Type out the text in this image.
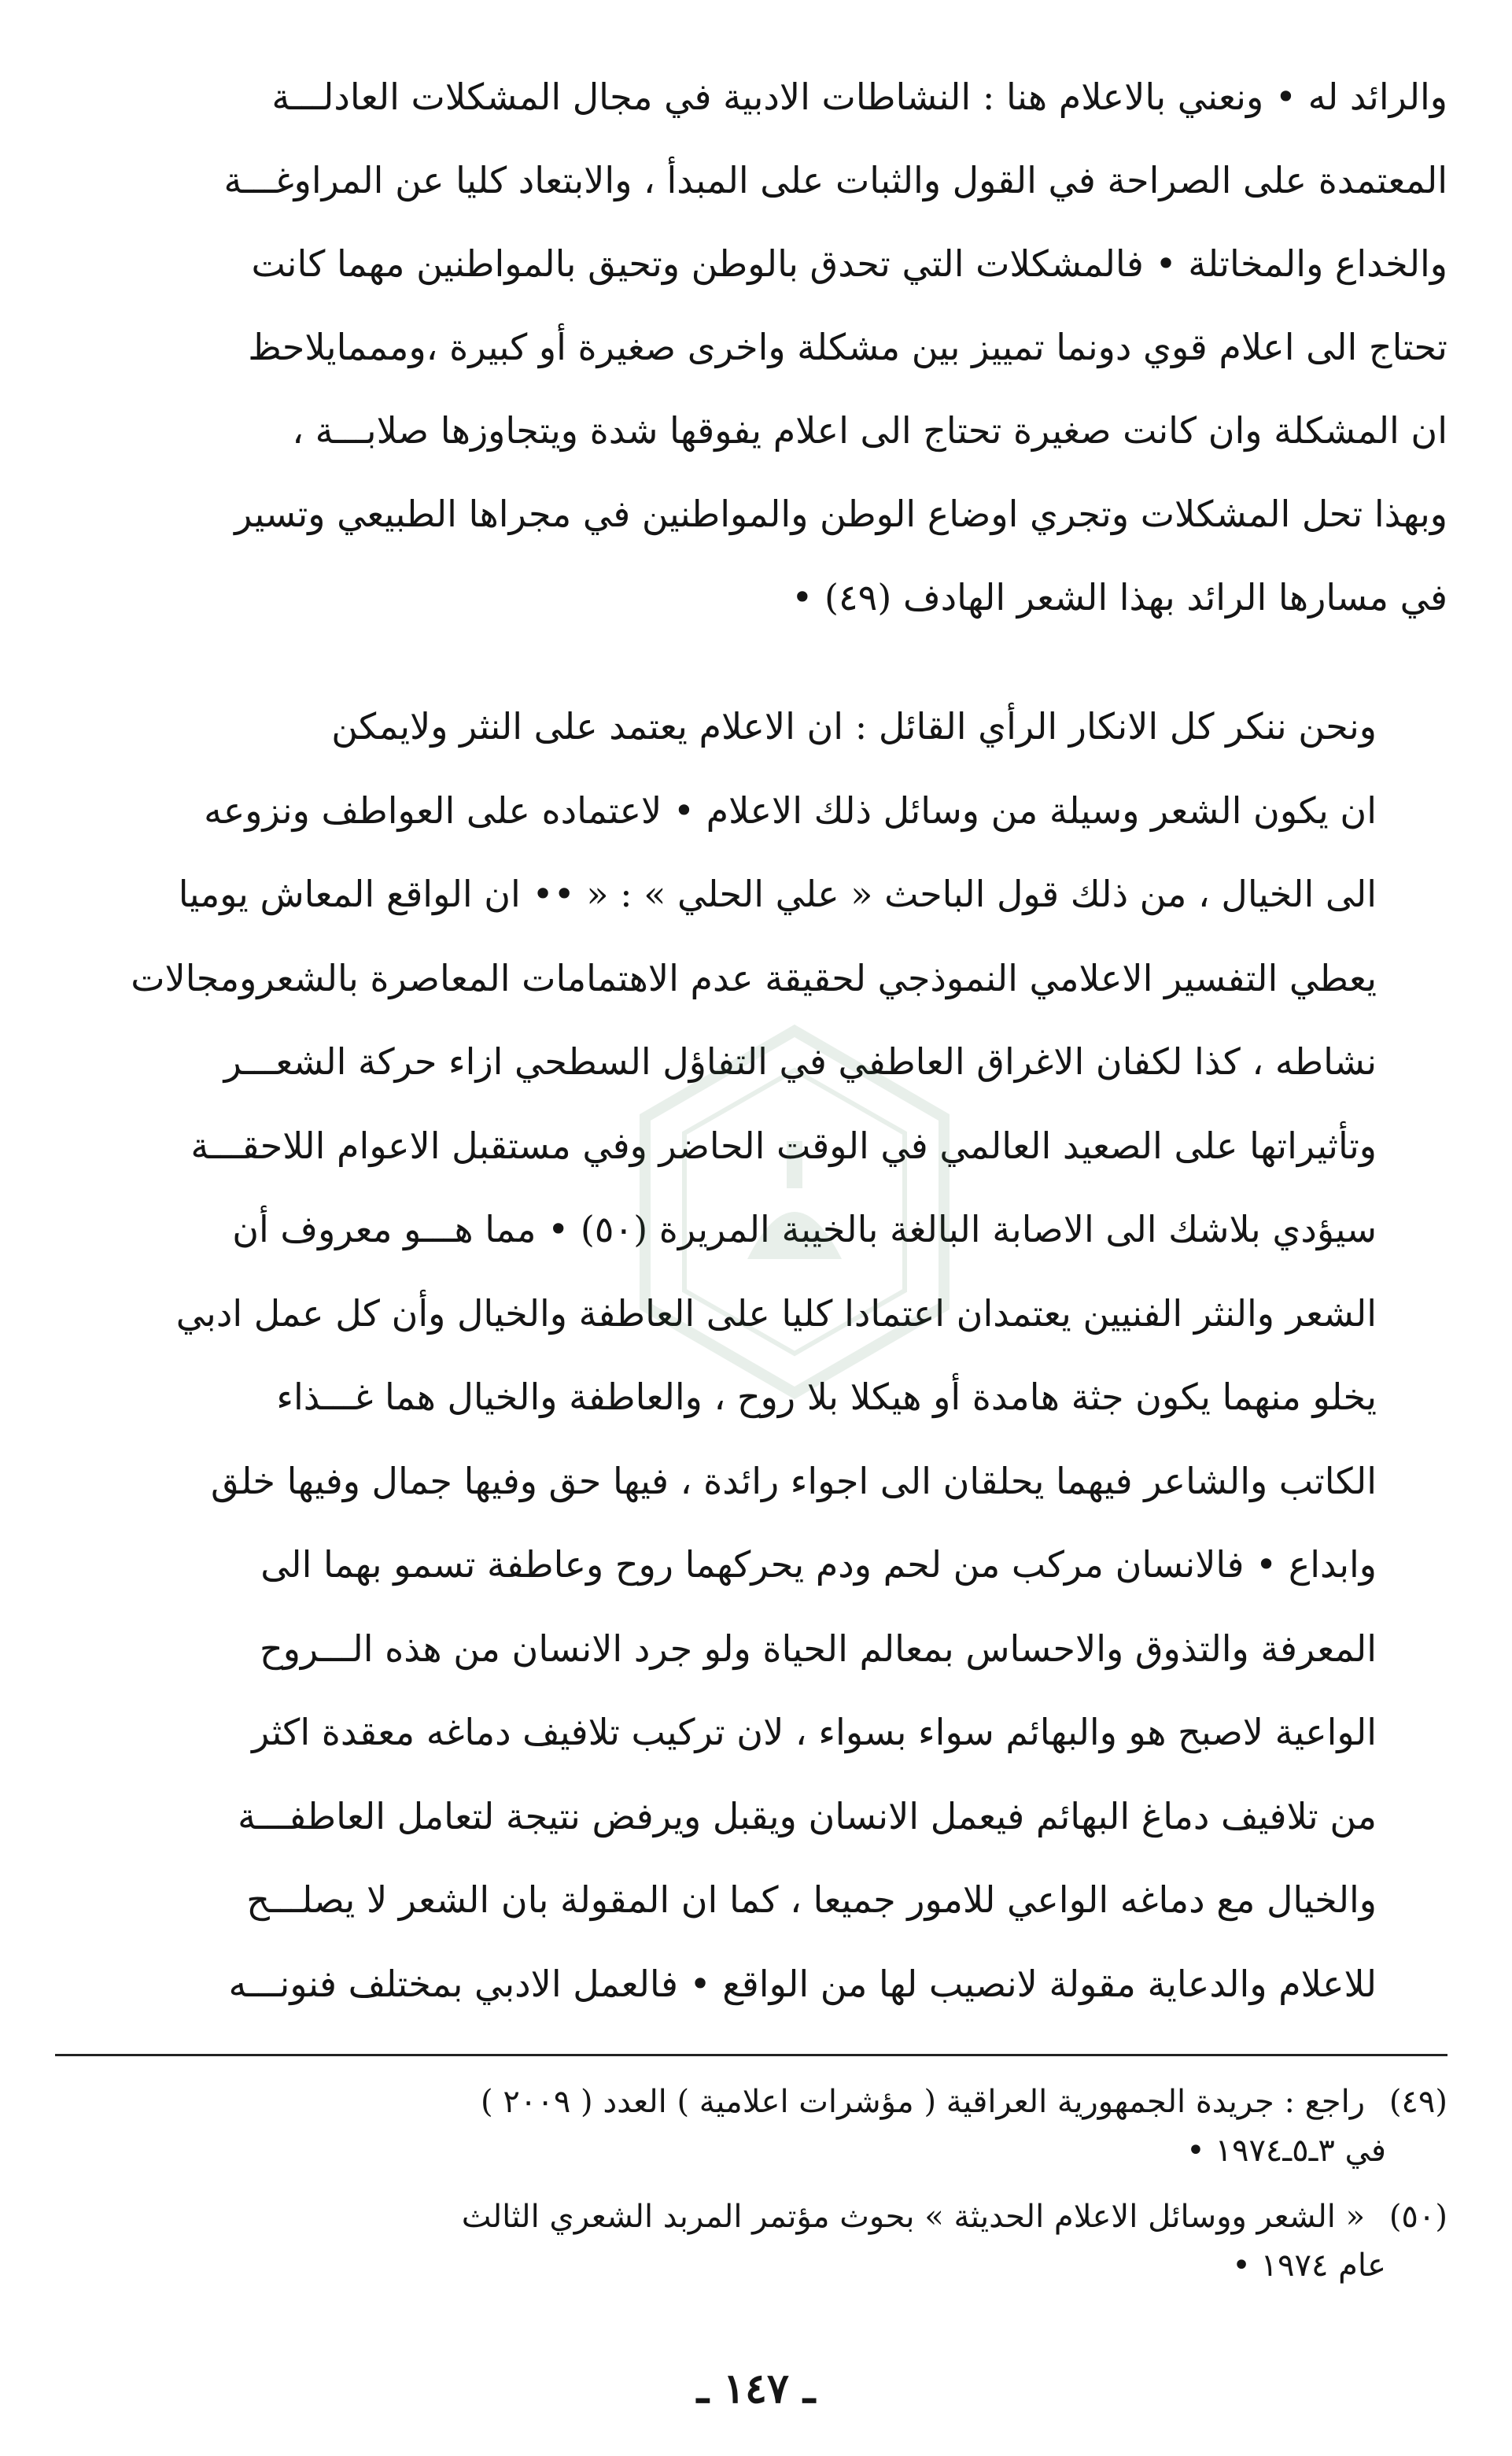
والرائد له • ونعني بالاعلام هنا : النشاطات الادبية في مجال المشكلات العادلـــة
المعتمدة على الصراحة في القول والثبات على المبدأ ، والابتعاد كليا عن المراوغـــة
والخداع والمخاتلة • فالمشكلات التي تحدق بالوطن وتحيق بالمواطنين مهما كانت
تحتاج الى اعلام قوي دونما تمييز بين مشكلة واخرى صغيرة أو كبيرة ،ومممايلاحظ
ان المشكلة وان كانت صغيرة تحتاج الى اعلام يفوقها شدة ويتجاوزها صلابـــة ،
وبهذا تحل المشكلات وتجري اوضاع الوطن والمواطنين في مجراها الطبيعي وتسير
في مسارها الرائد بهذا الشعر الهادف (٤٩) •
ونحن ننكر كل الانكار الرأي القائل : ان الاعلام يعتمد على النثر ولايمكن
ان يكون الشعر وسيلة من وسائل ذلك الاعلام • لاعتماده على العواطف ونزوعه
الى الخيال ، من ذلك قول الباحث « علي الحلي » : « •• ان الواقع المعاش يوميا
يعطي التفسير الاعلامي النموذجي لحقيقة عدم الاهتمامات المعاصرة بالشعرومجالات
نشاطه ، كذا لكفان الاغراق العاطفي في التفاؤل السطحي ازاء حركة الشعـــر
وتأثيراتها على الصعيد العالمي في الوقت الحاضر وفي مستقبل الاعوام اللاحقـــة
سيؤدي بلاشك الى الاصابة البالغة بالخيبة المريرة (٥٠) • مما هـــو معروف أن
الشعر والنثر الفنيين يعتمدان اعتمادا كليا على العاطفة والخيال وأن كل عمل ادبي
يخلو منهما يكون جثة هامدة أو هيكلا بلا روح ، والعاطفة والخيال هما غـــذاء
الكاتب والشاعر فيهما يحلقان الى اجواء رائدة ، فيها حق وفيها جمال وفيها خلق
وابداع • فالانسان مركب من لحم ودم يحركهما روح وعاطفة تسمو بهما الى
المعرفة والتذوق والاحساس بمعالم الحياة ولو جرد الانسان من هذه الـــروح
الواعية لاصبح هو والبهائم سواء بسواء ، لان تركيب تلافيف دماغه معقدة اكثر
من تلافيف دماغ البهائم فيعمل الانسان ويقبل ويرفض نتيجة لتعامل العاطفـــة
والخيال مع دماغه الواعي للامور جميعا ، كما ان المقولة بان الشعر لا يصلـــح
للاعلام والدعاية مقولة لانصيب لها من الواقع • فالعمل الادبي بمختلف فنونـــه
(٤٩) راجع : جريدة الجمهورية العراقية ( مؤشرات اعلامية ) العدد ( ٢٠٠٩ )
في ٣ـ٥ـ١٩٧٤ •
(٥٠) « الشعر ووسائل الاعلام الحديثة » بحوث مؤتمر المربد الشعري الثالث
عام ١٩٧٤ •
ـ ١٤٧ ـ
